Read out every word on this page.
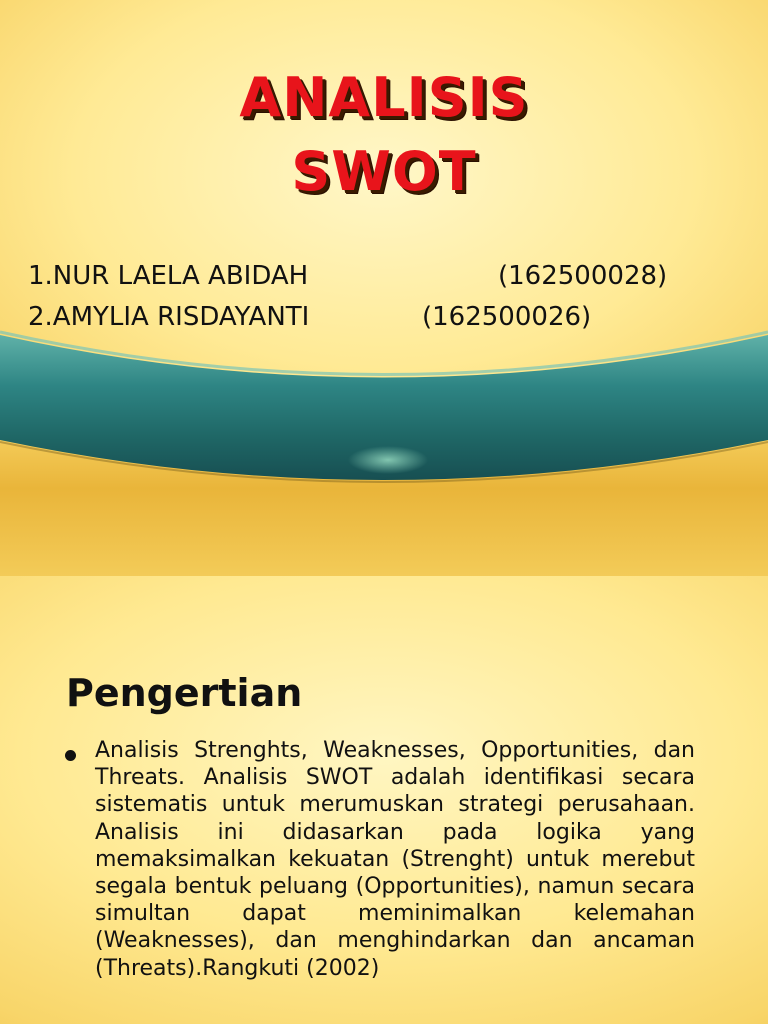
ANALISIS
SWOT

1.NUR LAELA ABIDAH	(162500028)

2.AMYLIA RISDAYANTI	(162500026)

Pengertian

Analisis Strenghts, Weaknesses, Opportunities, dan Threats. Analisis SWOT adalah identifikasi secara sistematis untuk merumuskan strategi perusahaan. Analisis ini didasarkan pada logika yang memaksimalkan kekuatan (Strenght) untuk merebut segala bentuk peluang (Opportunities), namun secara simultan dapat meminimalkan kelemahan (Weaknesses), dan menghindarkan dan ancaman (Threats).Rangkuti (2002)
